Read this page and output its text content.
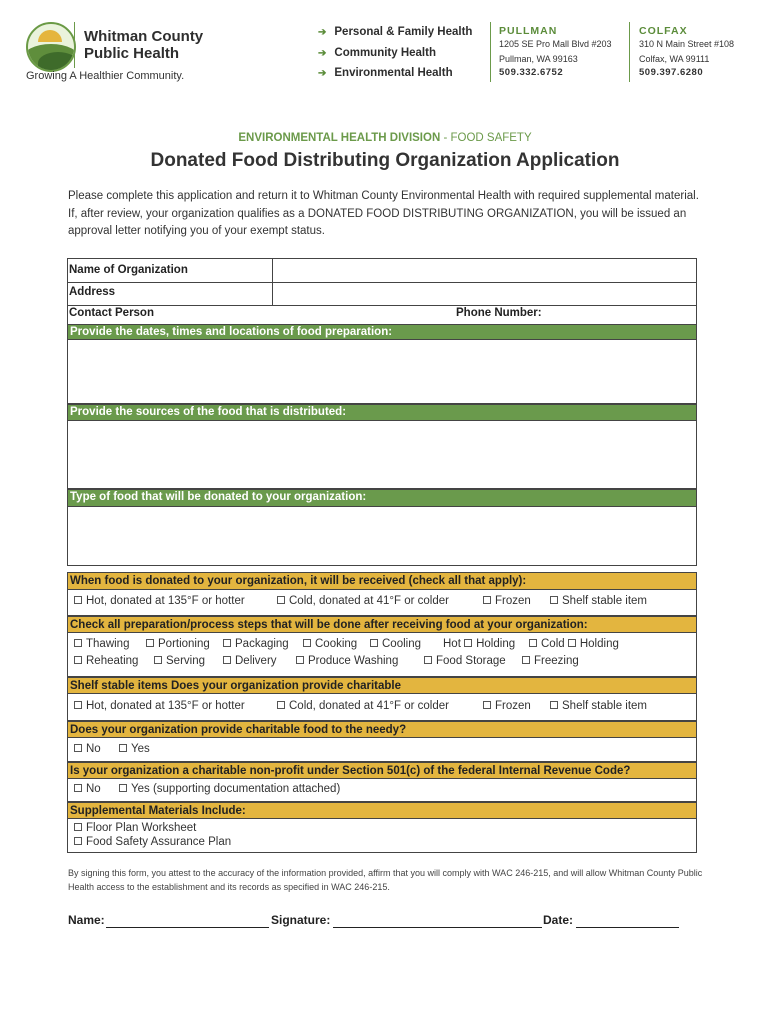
Whitman County
Public Health
Growing A Healthier Community.
➔ Personal & Family Health
➔ Community Health
➔ Environmental Health
PULLMAN
1205 SE Pro Mall Blvd #203
Pullman, WA 99163
509.332.6752
COLFAX
310 N Main Street #108
Colfax, WA 99111
509.397.6280
ENVIRONMENTAL HEALTH DIVISION - FOOD SAFETY
Donated Food Distributing Organization Application
Please complete this application and return it to Whitman County Environmental Health with required supplemental material. If, after review, your organization qualifies as a DONATED FOOD DISTRIBUTING ORGANIZATION, you will be issued an approval letter notifying you of your exempt status.
Name of Organization
Address
Contact Person	Phone Number:
Provide the dates, times and locations of food preparation:
Provide the sources of the food that is distributed:
Type of food that will be donated to your organization:
When food is donated to your organization, it will be received (check all that apply):
Hot, donated at 135°F or hotter	Cold, donated at 41°F or colder	Frozen	Shelf stable item
Check all preparation/process steps that will be done after receiving food at your organization:
Thawing	Portioning	Packaging	Cooking	Cooling Hot Holding	Cold Holding
Reheating	Serving	Delivery	Produce Washing	Food Storage	Freezing
Shelf stable items Does your organization provide charitable
Hot, donated at 135°F or hotter	Cold, donated at 41°F or colder	Frozen	Shelf stable item
Does your organization provide charitable food to the needy?
No	Yes
Is your organization a charitable non-profit under Section 501(c) of the federal Internal Revenue Code?
No	Yes (supporting documentation attached)
Supplemental Materials Include:
Floor Plan Worksheet
Food Safety Assurance Plan
By signing this form, you attest to the accuracy of the information provided, affirm that you will comply with WAC 246-215, and will allow Whitman County Public Health access to the establishment and its records as specified in WAC 246-215.
Name:	Signature:	Date:
